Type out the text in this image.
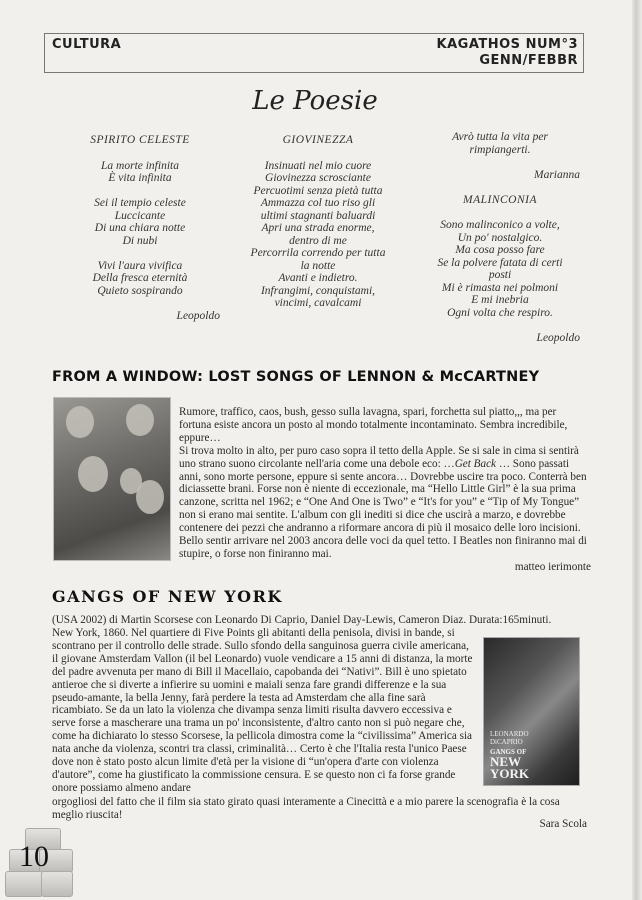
CULTURA	KAGATHOS NUM°3
GENN/FEBBR
Le Poesie
SPIRITO CELESTE
La morte infinita
È vita infinita
Sei il tempio celeste
Luccicante
Di una chiara notte
Di nubi
Vivi l'aura vivifica
Della fresca eternità
Quieto sospirando
Leopoldo
GIOVINEZZA
Insinuati nel mio cuore
Giovinezza scrosciante
Percuotimi senza pietà tutta
Ammazza col tuo riso gli
ultimi stagnanti baluardi
Apri una strada enorme,
dentro di me
Percorrila correndo per tutta
la notte
Avanti e indietro.
Infrangimi, conquistami,
vincimi, cavalcami
Avrò tutta la vita per
rimpiangerti.
Marianna
MALINCONIA
Sono malinconico a volte,
Un po' nostalgico.
Ma cosa posso fare
Se la polvere fatata di certi
posti
Mi è rimasta nei polmoni
E mi inebria
Ogni volta che respiro.
Leopoldo
FROM A WINDOW: LOST SONGS OF LENNON & McCARTNEY
Rumore, traffico, caos, bush, gesso sulla lavagna, spari, forchetta sul piatto,,, ma per fortuna esiste ancora un posto al mondo totalmente incontaminato. Sembra incredibile, eppure…
Si trova molto in alto, per puro caso sopra il tetto della Apple. Se si sale in cima si sentirà uno strano suono circolante nell'aria come una debole eco: …Get Back … Sono passati anni, sono morte persone, eppure si sente ancora… Dovrebbe uscire tra poco. Conterrà ben diciassette brani. Forse non è niente di eccezionale, ma “Hello Little Girl” è la sua prima canzone, scritta nel 1962; e “One And One is Two” e “It's for you” e “Tip of My Tongue” non si erano mai sentite. L'album con gli inediti si dice che uscirà a marzo, e dovrebbe contenere dei pezzi che andranno a riformare ancora di più il mosaico delle loro incisioni. Bello sentir arrivare nel 2003 ancora delle voci da quel tetto. I Beatles non finiranno mai di stupire, o forse non finiranno mai.
matteo ierimonte
GANGS OF NEW YORK
(USA 2002) di Martin Scorsese con Leonardo Di Caprio, Daniel Day-Lewis, Cameron Diaz. Durata:165minuti.
New York, 1860. Nel quartiere di Five Points gli abitanti della penisola, divisi in bande, si scontrano per il controllo delle strade. Sullo sfondo della sanguinosa guerra civile americana, il giovane Amsterdam Vallon (il bel Leonardo) vuole vendicare a 15 anni di distanza, la morte del padre avvenuta per mano di Bill il Macellaio, capobanda dei “Nativi”. Bill è uno spietato antieroe che si diverte a infierire su uomini e maiali senza fare grandi differenze e la sua pseudo-amante, la bella Jenny, farà perdere la testa ad Amsterdam che alla fine sarà ricambiato. Se da un lato la violenza che divampa senza limiti risulta davvero eccessiva e serve forse a mascherare una trama un po' inconsistente, d'altro canto non si può negare che, come ha dichiarato lo stesso Scorsese, la pellicola dimostra come la “civilissima” America sia nata anche da violenza, scontri tra classi, criminalità… Certo è che l'Italia resta l'unico Paese dove non è stato posto alcun limite d'età per la visione di “un'opera d'arte con violenza d'autore”, come ha giustificato la commissione censura. E se questo non ci fa forse grande onore possiamo almeno andare
LEONARDO
GANGS OF
NEW
YORK
DiCAPRIO
orgogliosi del fatto che il film sia stato girato quasi interamente a Cinecittà e a mio parere la scenografia è la cosa meglio riuscita!
Sara Scola
10
